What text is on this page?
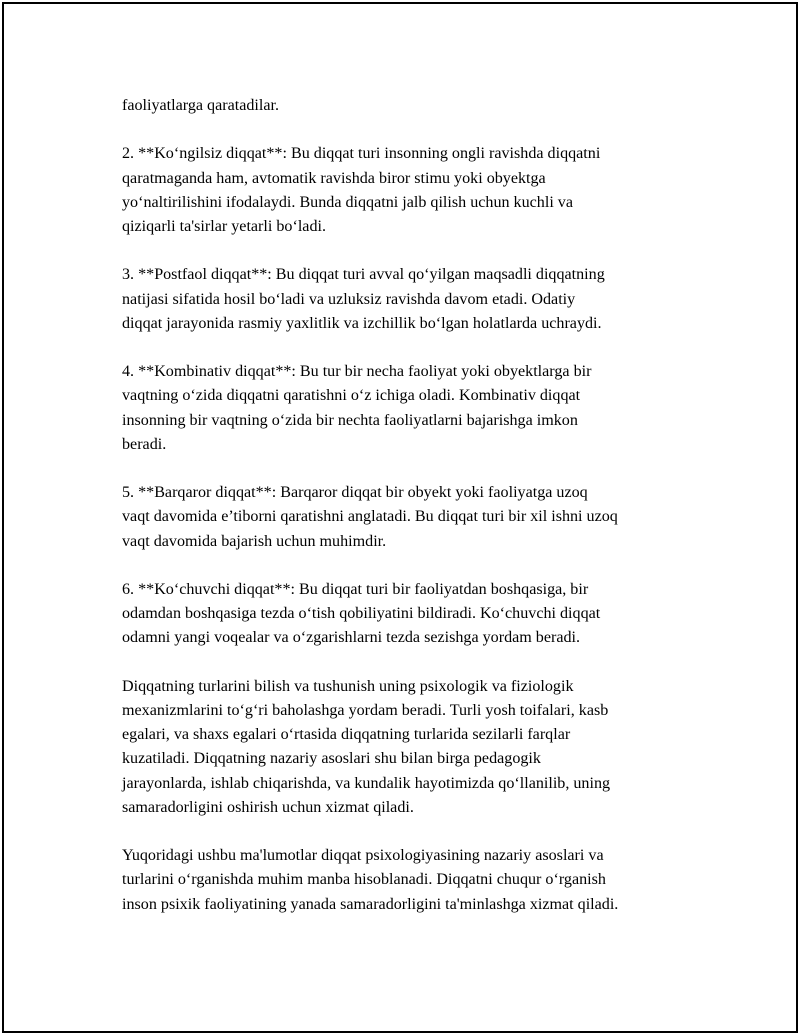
faoliyatlarga qaratadilar.

2. **Ko‘ngilsiz diqqat**: Bu diqqat turi insonning ongli ravishda diqqatni
qaratmaganda ham, avtomatik ravishda biror stimu yoki obyektga
yo‘naltirilishini ifodalaydi. Bunda diqqatni jalb qilish uchun kuchli va
qiziqarli ta'sirlar yetarli bo‘ladi.

3. **Postfaol diqqat**: Bu diqqat turi avval qo‘yilgan maqsadli diqqatning
natijasi sifatida hosil bo‘ladi va uzluksiz ravishda davom etadi. Odatiy
diqqat jarayonida rasmiy yaxlitlik va izchillik bo‘lgan holatlarda uchraydi.

4. **Kombinativ diqqat**: Bu tur bir necha faoliyat yoki obyektlarga bir
vaqtning o‘zida diqqatni qaratishni o‘z ichiga oladi. Kombinativ diqqat
insonning bir vaqtning o‘zida bir nechta faoliyatlarni bajarishga imkon
beradi.

5. **Barqaror diqqat**: Barqaror diqqat bir obyekt yoki faoliyatga uzoq
vaqt davomida e’tiborni qaratishni anglatadi. Bu diqqat turi bir xil ishni uzoq
vaqt davomida bajarish uchun muhimdir.

6. **Ko‘chuvchi diqqat**: Bu diqqat turi bir faoliyatdan boshqasiga, bir
odamdan boshqasiga tezda o‘tish qobiliyatini bildiradi. Ko‘chuvchi diqqat
odamni yangi voqealar va o‘zgarishlarni tezda sezishga yordam beradi.

Diqqatning turlarini bilish va tushunish uning psixologik va fiziologik
mexanizmlarini to‘g‘ri baholashga yordam beradi. Turli yosh toifalari, kasb
egalari, va shaxs egalari o‘rtasida diqqatning turlarida sezilarli farqlar
kuzatiladi. Diqqatning nazariy asoslari shu bilan birga pedagogik
jarayonlarda, ishlab chiqarishda, va kundalik hayotimizda qo‘llanilib, uning
samaradorligini oshirish uchun xizmat qiladi.

Yuqoridagi ushbu ma'lumotlar diqqat psixologiyasining nazariy asoslari va
turlarini o‘rganishda muhim manba hisoblanadi. Diqqatni chuqur o‘rganish
inson psixik faoliyatining yanada samaradorligini ta'minlashga xizmat qiladi.
